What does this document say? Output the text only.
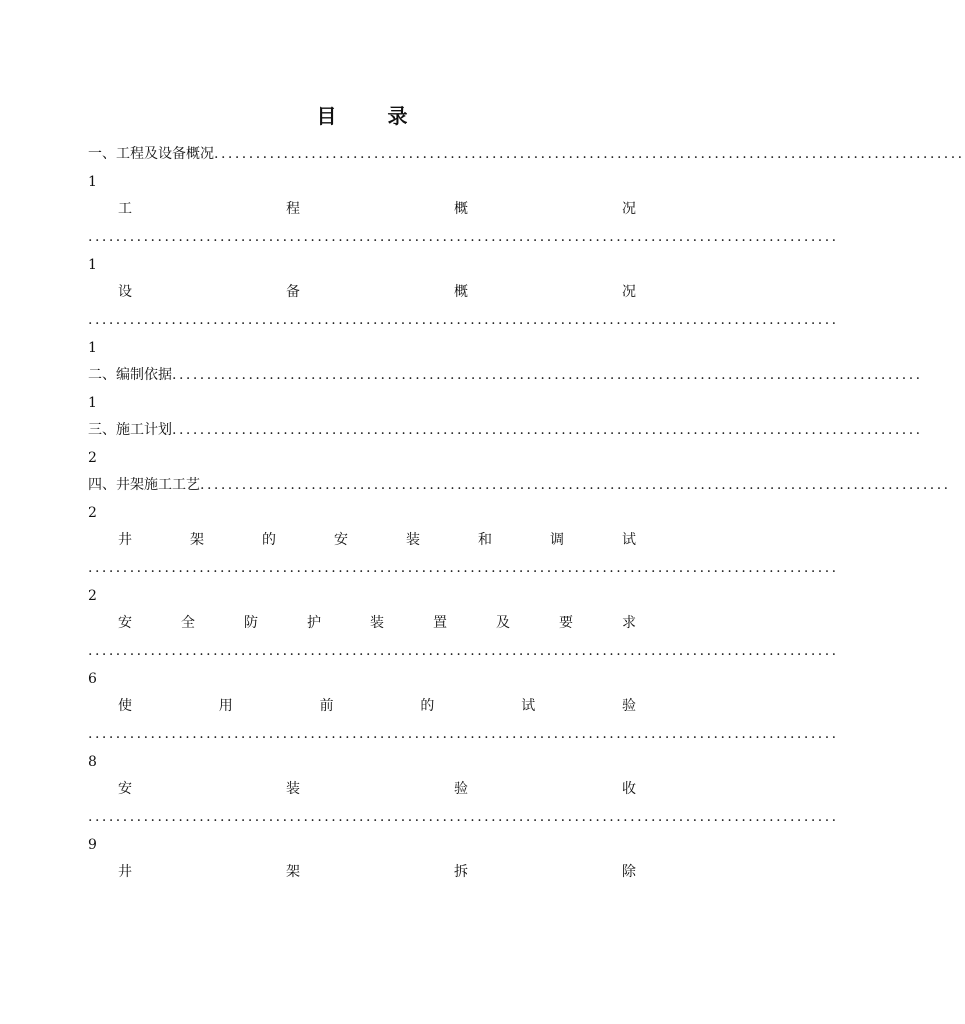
目 录
一、工程及设备概况 ............................................................................................................
1
工	程	概	况
............................................................................................................
1
设	备	概	况
............................................................................................................
1
二、编制依据 ............................................................................................................
1
三、施工计划 ............................................................................................................
2
四、井架施工工艺 ............................................................................................................
2
井	架	的	安	装	和	调	试
............................................................................................................
2
安	全	防	护	装	置	及	要	求
............................................................................................................
6
使	用	前	的	试	验
............................................................................................................
8
安	装	验	收
............................................................................................................
9
井	架	拆	除
